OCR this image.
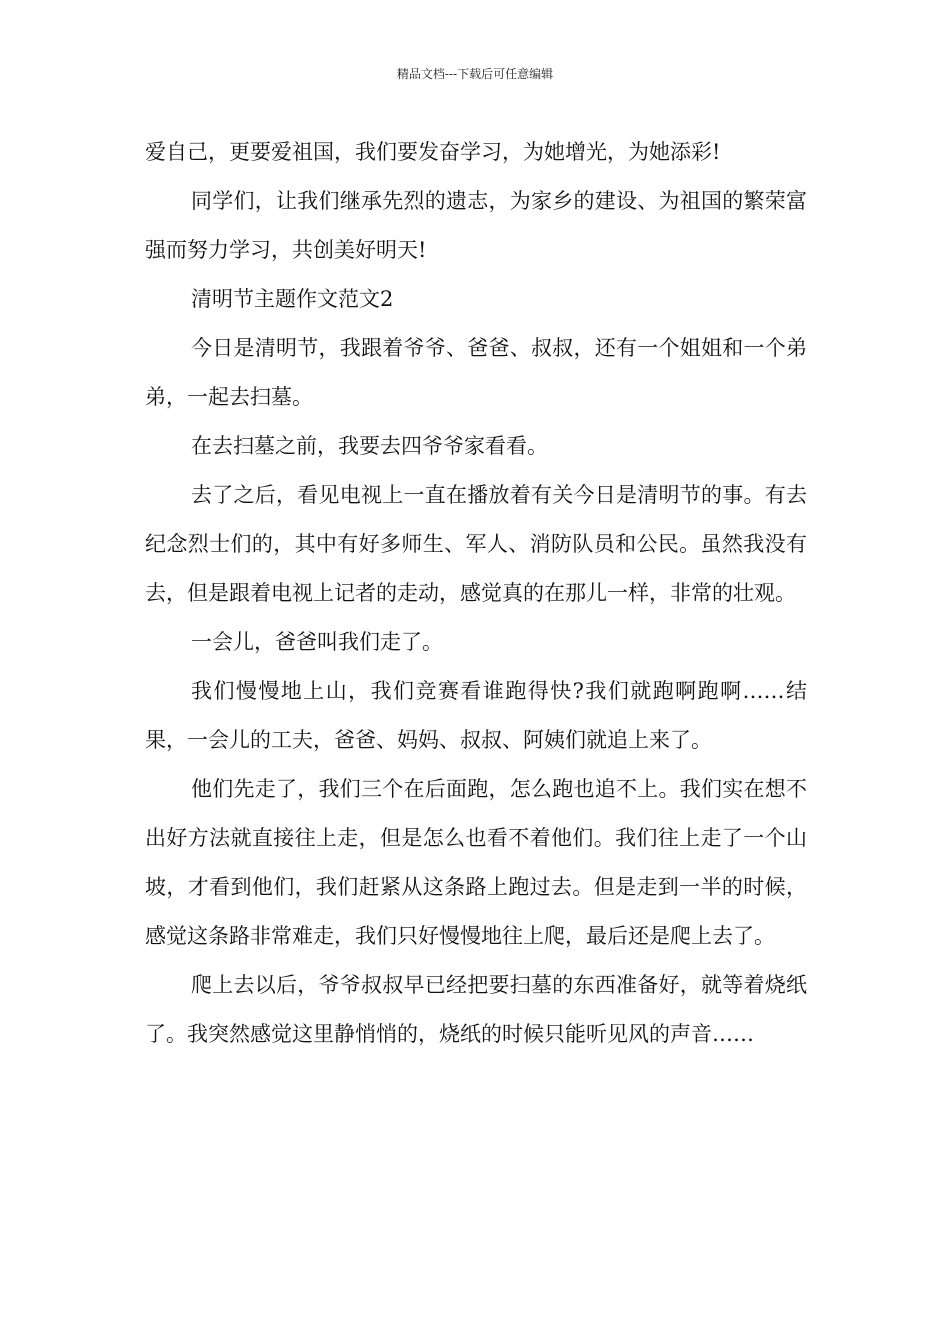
精品文档---下载后可任意编辑

爱自己，更要爱祖国，我们要发奋学习，为她增光，为她添彩!

同学们，让我们继承先烈的遗志，为家乡的建设、为祖国的繁荣富强而努力学习，共创美好明天!

清明节主题作文范文2

今日是清明节，我跟着爷爷、爸爸、叔叔，还有一个姐姐和一个弟弟，一起去扫墓。

在去扫墓之前，我要去四爷爷家看看。

去了之后，看见电视上一直在播放着有关今日是清明节的事。有去纪念烈士们的，其中有好多师生、军人、消防队员和公民。虽然我没有去，但是跟着电视上记者的走动，感觉真的在那儿一样，非常的壮观。

一会儿，爸爸叫我们走了。

我们慢慢地上山，我们竞赛看谁跑得快?我们就跑啊跑啊……结果，一会儿的工夫，爸爸、妈妈、叔叔、阿姨们就追上来了。

他们先走了，我们三个在后面跑，怎么跑也追不上。我们实在想不出好方法就直接往上走，但是怎么也看不着他们。我们往上走了一个山坡，才看到他们，我们赶紧从这条路上跑过去。但是走到一半的时候，感觉这条路非常难走，我们只好慢慢地往上爬，最后还是爬上去了。

爬上去以后，爷爷叔叔早已经把要扫墓的东西准备好，就等着烧纸了。我突然感觉这里静悄悄的，烧纸的时候只能听见风的声音……
